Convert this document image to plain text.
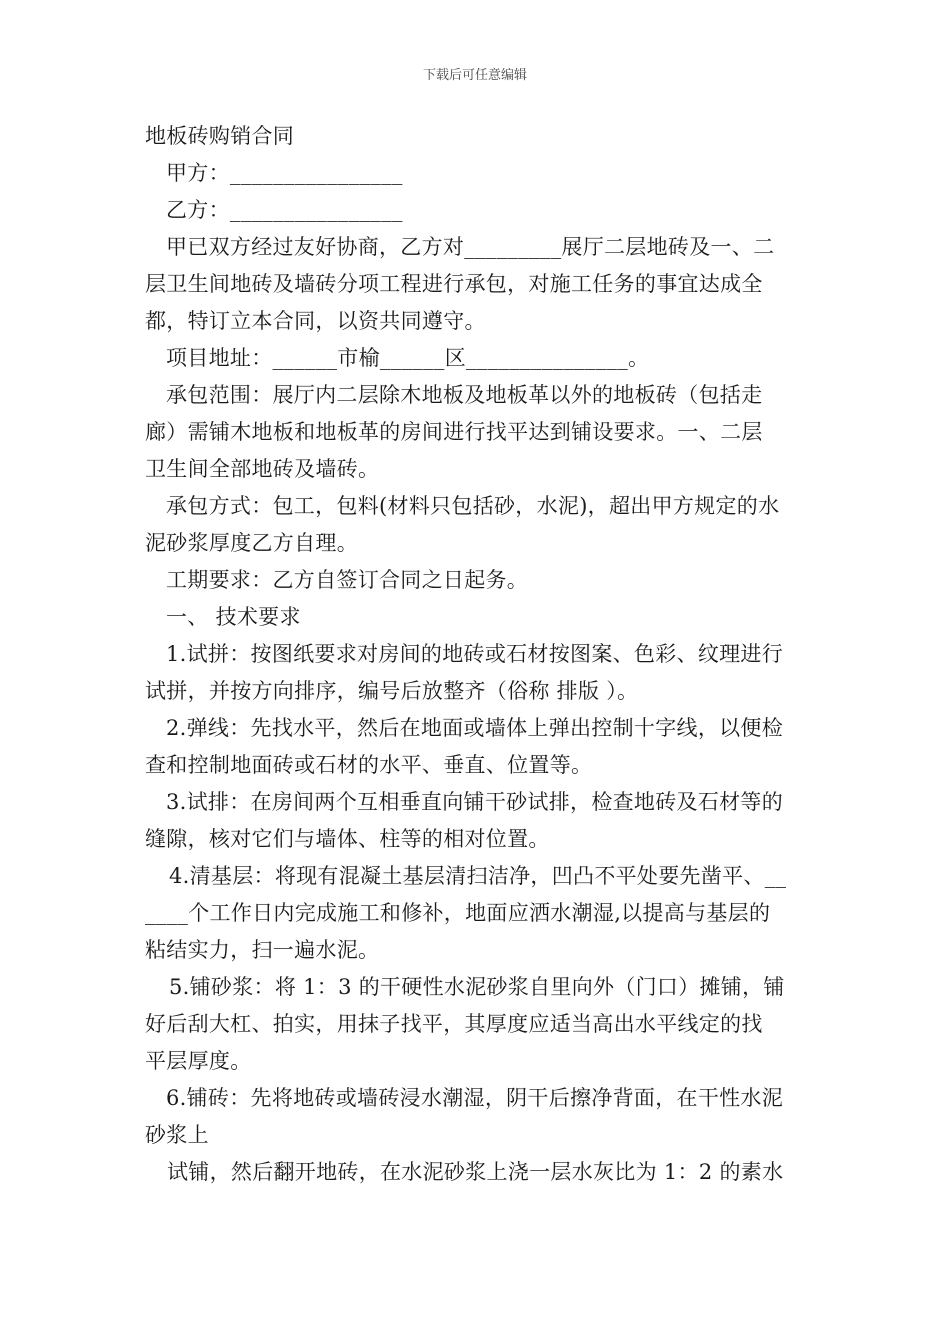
下载后可任意编辑
地板砖购销合同
甲方：________________
乙方：________________
甲已双方经过友好协商，乙方对_________展厅二层地砖及一、二
层卫生间地砖及墙砖分项工程进行承包，对施工任务的事宜达成全
都，特订立本合同，以资共同遵守。
项目地址：______市榆______区_______________。
承包范围：展厅内二层除木地板及地板革以外的地板砖（包括走
廊）需铺木地板和地板革的房间进行找平达到铺设要求。一、二层
卫生间全部地砖及墙砖。
承包方式：包工，包料(材料只包括砂，水泥)，超出甲方规定的水
泥砂浆厚度乙方自理。
工期要求：乙方自签订合同之日起务。
一、 技术要求
1.试拼：按图纸要求对房间的地砖或石材按图案、色彩、纹理进行
试拼，并按方向排序，编号后放整齐（俗称 排版 ）。
2.弹线：先找水平，然后在地面或墙体上弹出控制十字线，以便检
查和控制地面砖或石材的水平、垂直、位置等。
3.试排：在房间两个互相垂直向铺干砂试排，检查地砖及石材等的
缝隙，核对它们与墙体、柱等的相对位置。
4.清基层：将现有混凝土基层清扫洁净，凹凸不平处要先凿平、__
____个工作日内完成施工和修补，地面应洒水潮湿,以提高与基层的
粘结实力，扫一遍水泥。
5.铺砂浆：将 1：3 的干硬性水泥砂浆自里向外（门口）摊铺，铺
好后刮大杠、拍实，用抹子找平，其厚度应适当高出水平线定的找
平层厚度。
6.铺砖：先将地砖或墙砖浸水潮湿，阴干后擦净背面，在干性水泥
砂浆上
试铺，然后翻开地砖，在水泥砂浆上浇一层水灰比为 1：2 的素水
